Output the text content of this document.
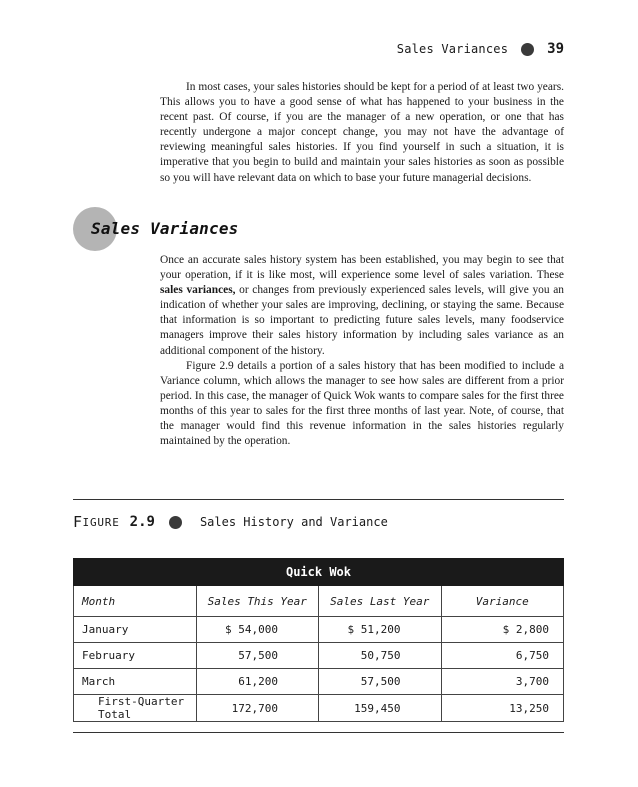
Sales Variances	39

In most cases, your sales histories should be kept for a period of at least two years. This allows you to have a good sense of what has happened to your business in the recent past. Of course, if you are the manager of a new operation, or one that has recently undergone a major concept change, you may not have the advantage of reviewing meaningful sales histories. If you find yourself in such a situation, it is imperative that you begin to build and maintain your sales histories as soon as possible so you will have relevant data on which to base your future managerial decisions.

Sales Variances

Once an accurate sales history system has been established, you may begin to see that your operation, if it is like most, will experience some level of sales variation. These sales variances, or changes from previously experienced sales levels, will give you an indication of whether your sales are improving, declining, or staying the same. Because that information is so important to predicting future sales levels, many foodservice managers improve their sales history information by including sales variance as an additional component of the history.
Figure 2.9 details a portion of a sales history that has been modified to include a Variance column, which allows the manager to see how sales are different from a prior period. In this case, the manager of Quick Wok wants to compare sales for the first three months of this year to sales for the first three months of last year. Note, of course, that the manager would find this revenue information in the sales histories regularly maintained by the operation.

F IGURE 2.9	Sales History and Variance
Quick Wok			
Month	Sales This Year	Sales Last Year	Variance
January	$ 54,000	$ 51,200	$ 2,800
February	57,500	50,750	6,750
March	61,200	57,500	3,700
First-Quarter Total	172,700	159,450	13,250
